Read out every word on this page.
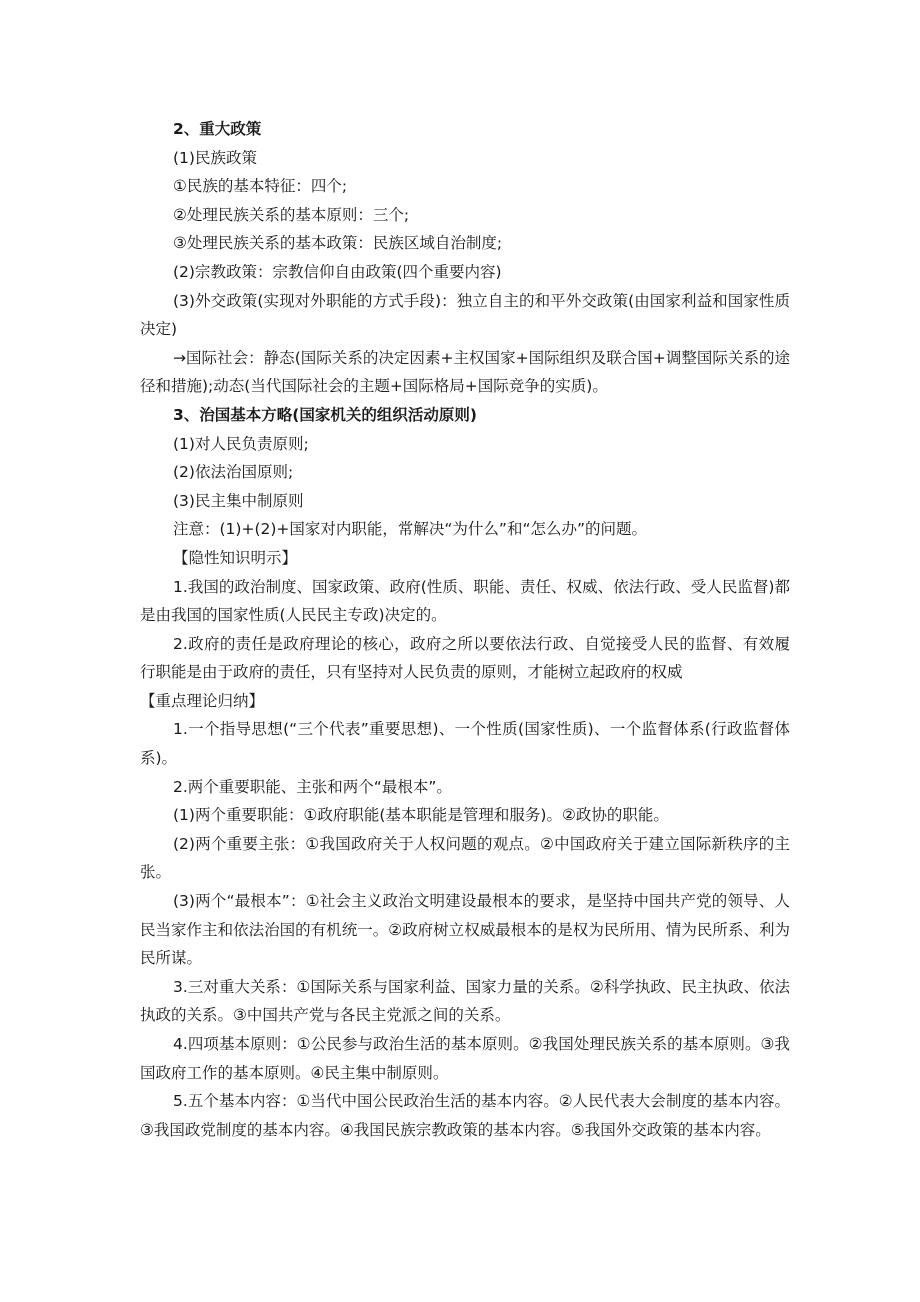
2、重大政策

(1)民族政策

①民族的基本特征：四个;

②处理民族关系的基本原则：三个;

③处理民族关系的基本政策：民族区域自治制度;

(2)宗教政策：宗教信仰自由政策(四个重要内容)

(3)外交政策(实现对外职能的方式手段)：独立自主的和平外交政策(由国家利益和国家性质决定)

→国际社会：静态(国际关系的决定因素+主权国家+国际组织及联合国+调整国际关系的途径和措施);动态(当代国际社会的主题+国际格局+国际竞争的实质)。

3、治国基本方略(国家机关的组织活动原则)

(1)对人民负责原则;

(2)依法治国原则;

(3)民主集中制原则

注意：(1)+(2)+国家对内职能，常解决“为什么”和“怎么办”的问题。

【隐性知识明示】

1.我国的政治制度、国家政策、政府(性质、职能、责任、权威、依法行政、受人民监督)都是由我国的国家性质(人民民主专政)决定的。

2.政府的责任是政府理论的核心，政府之所以要依法行政、自觉接受人民的监督、有效履行职能是由于政府的责任，只有坚持对人民负责的原则，才能树立起政府的权威

【重点理论归纳】

1.一个指导思想(“三个代表”重要思想)、一个性质(国家性质)、一个监督体系(行政监督体系)。

2.两个重要职能、主张和两个“最根本”。

(1)两个重要职能：①政府职能(基本职能是管理和服务)。②政协的职能。

(2)两个重要主张：①我国政府关于人权问题的观点。②中国政府关于建立国际新秩序的主张。

(3)两个“最根本”：①社会主义政治文明建设最根本的要求，是坚持中国共产党的领导、人民当家作主和依法治国的有机统一。②政府树立权威最根本的是权为民所用、情为民所系、利为民所谋。

3.三对重大关系：①国际关系与国家利益、国家力量的关系。②科学执政、民主执政、依法执政的关系。③中国共产党与各民主党派之间的关系。

4.四项基本原则：①公民参与政治生活的基本原则。②我国处理民族关系的基本原则。③我国政府工作的基本原则。④民主集中制原则。

5.五个基本内容：①当代中国公民政治生活的基本内容。②人民代表大会制度的基本内容。③我国政党制度的基本内容。④我国民族宗教政策的基本内容。⑤我国外交政策的基本内容。
